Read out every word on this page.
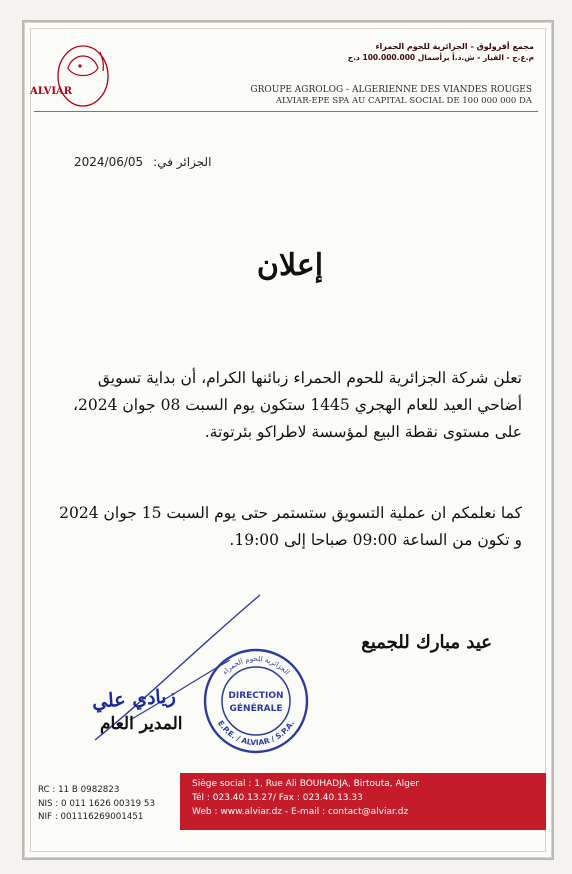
ALVIAR
مجمع أقرولوق - الجزائرية للحوم الحمراء
م.ع.ج - الفيار - ش.ذ.أ برأسمال 100.000.000 د.ج
GROUPE AGROLOG - ALGERIENNE DES VIANDES ROUGES
ALVIAR-EPE SPA AU CAPITAL SOCIAL DE 100 000 000 DA
2024/06/05 الجزائر في:
إعلان
تعلن شركة الجزائرية للحوم الحمراء زبائنها الكرام، أن بداية تسويق أضاحي العيد للعام الهجري 1445 ستكون يوم السبت 08 جوان 2024، على مستوى نقطة البيع لمؤسسة لاطراكو بئرتوتة.
كما نعلمكم ان عملية التسويق ستستمر حتى يوم السبت 15 جوان 2024 و تكون من الساعة 09:00 صباحا إلى 19:00.
عيد مبارك للجميع
الجزائرية للحوم الحمراء
E.P.E. / ALVIAR / S.P.A.
DIRECTION
GÉNÉRALE
زيادي علي
المدير العام
RC : 11 B 0982823
NIS : 0 011 1626 00319 53
NIF : 001116269001451
Siège social : 1, Rue Ali BOUHADJA, Birtouta, Alger
Tél : 023.40.13.27/ Fax : 023.40.13.33
Web : www.alviar.dz - E-mail : contact@alviar.dz
